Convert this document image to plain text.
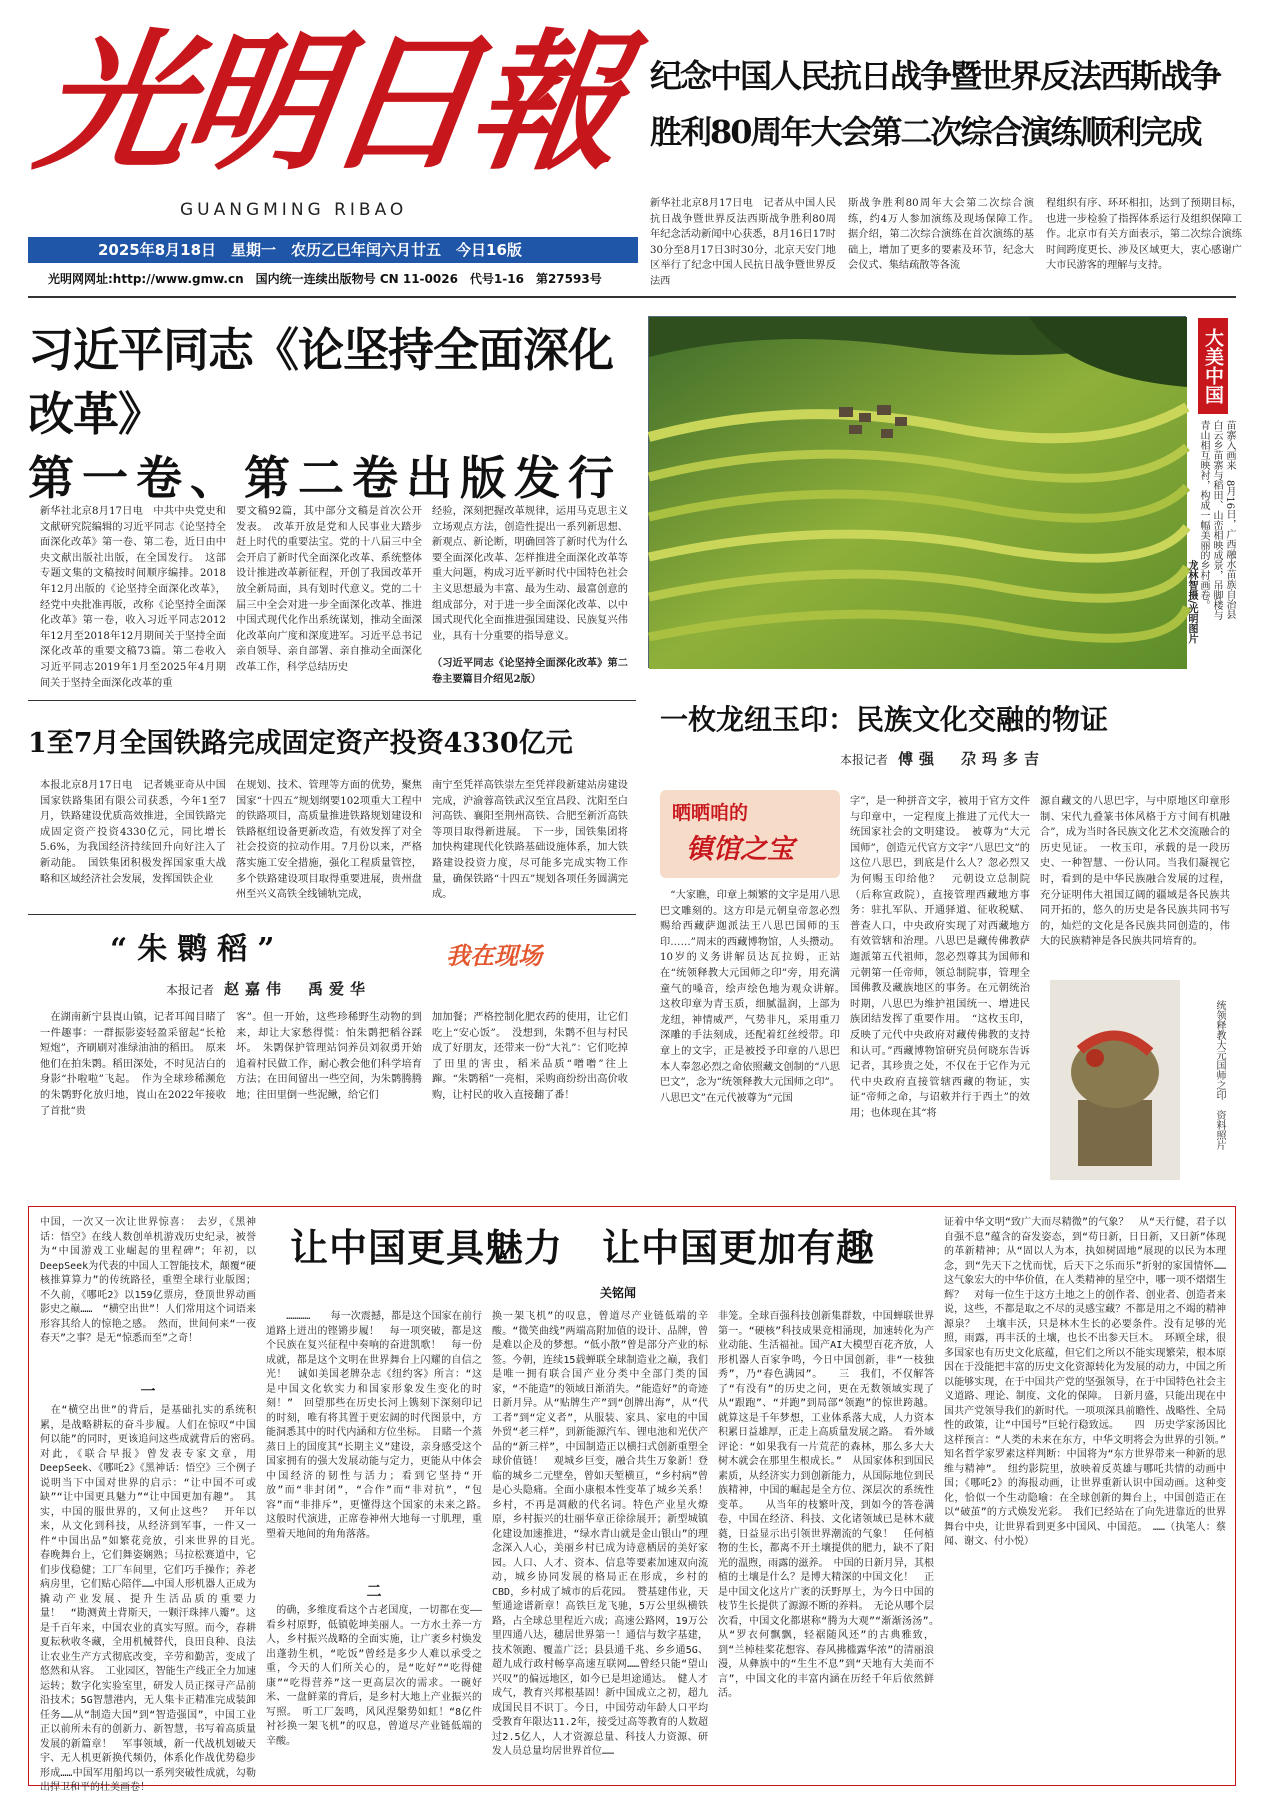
光明日報
GUANGMING RIBAO
2025年8月18日　星期一　农历乙巳年闰六月廿五　今日16版
光明网网址:http://www.gmw.cn　国内统一连续出版物号 CN 11-0026　代号1-16　第27593号
纪念中国人民抗日战争暨世界反法西斯战争
胜利80周年大会第二次综合演练顺利完成
新华社北京8月17日电　记者从中国人民抗日战争暨世界反法西斯战争胜利80周年纪念活动新闻中心获悉，8月16日17时30分至8月17日3时30分，北京天安门地区举行了纪念中国人民抗日战争暨世界反法西
斯战争胜利80周年大会第二次综合演练，约4万人参加演练及现场保障工作。　据介绍，第二次综合演练在首次演练的基础上，增加了更多的要素及环节，纪念大会仪式、集结疏散等各流
程组织有序、环环相扣，达到了预期目标，也进一步检验了指挥体系运行及组织保障工作。北京市有关方面表示，第二次综合演练时间跨度更长、涉及区域更大，衷心感谢广大市民游客的理解与支持。
习近平同志《论坚持全面深化改革》
第一卷、第二卷出版发行
新华社北京8月17日电　中共中央党史和文献研究院编辑的习近平同志《论坚持全面深化改革》第一卷、第二卷，近日由中央文献出版社出版，在全国发行。　这部专题文集的文稿按时间顺序编排。2018年12月出版的《论坚持全面深化改革》，经党中央批准再版，改称《论坚持全面深化改革》第一卷，收入习近平同志2012年12月至2018年12月期间关于坚持全面深化改革的重要文稿73篇。第二卷收入习近平同志2019年1月至2025年4月期间关于坚持全面深化改革的重
要文稿92篇，其中部分文稿是首次公开发表。　改革开放是党和人民事业大踏步赶上时代的重要法宝。党的十八届三中全会开启了新时代全面深化改革、系统整体设计推进改革新征程，开创了我国改革开放全新局面，具有划时代意义。党的二十届三中全会对进一步全面深化改革、推进中国式现代化作出系统谋划，推动全面深化改革向广度和深度进军。习近平总书记亲自领导、亲自部署、亲自推动全面深化改革工作，科学总结历史
经验，深刻把握改革规律，运用马克思主义立场观点方法，创造性提出一系列新思想、新观点、新论断，明确回答了新时代为什么要全面深化改革、怎样推进全面深化改革等重大问题，构成习近平新时代中国特色社会主义思想最为丰富、最为生动、最富创意的组成部分，对于进一步全面深化改革、以中国式现代化全面推进强国建设、民族复兴伟业，具有十分重要的指导意义。
（习近平同志《论坚持全面深化改革》第二卷主要篇目介绍见2版）
大美中国
苗寨入画来　8月16日，广西融水苗族自治县白云乡苗寨与稻田、山峦相映成景，吊脚楼与青山相互映衬，构成一幅美丽的乡村画卷。
龙林智摄/光明图片
1至7月全国铁路完成固定资产投资4330亿元
本报北京8月17日电　记者姚亚奇从中国国家铁路集团有限公司获悉，今年1至7月，铁路建设优质高效推进，全国铁路完成固定资产投资4330亿元，同比增长5.6%，为我国经济持续回升向好注入了新动能。　国铁集团积极发挥国家重大战略和区域经济社会发展，发挥国铁企业
在规划、技术、管理等方面的优势，聚焦国家“十四五”规划纲要102项重大工程中的铁路项目，高质量推进铁路规划建设和铁路枢纽设备更新改造，有效发挥了对全社会投资的拉动作用。7月份以来，严格落实施工安全措施，强化工程质量管控，多个铁路建设项目取得重要进展，贵州盘州至兴义高铁全线铺轨完成，
南宁至凭祥高铁崇左至凭祥段新建站房建设完成，沪渝蓉高铁武汉至宜昌段、沈阳至白河高铁、襄阳至荆州高铁、合肥至新沂高铁等项目取得新进展。　下一步，国铁集团将加快构建现代化铁路基础设施体系，加大铁路建设投资力度，尽可能多完成实物工作量，确保铁路“十四五”规划各项任务圆满完成。
“朱鹮稻”
本报记者 赵嘉伟　禹爱华
我在现场
　在湖南新宁县崀山镇，记者耳闻目睹了一件趣事：一群振影姿轻盈采留起“长枪短炮”，齐刷刷对准绿油油的稻田。　原来他们在拍朱鹮。稻田深处，不时见洁白的身影“扑啦啦”飞起。　作为全球珍稀濒危的朱鹮野化放归地，崀山在2022年接收了首批“贵
客”。但一开始，这些珍稀野生动物的到来，却让大家愁得慌：怕朱鹮把稻谷踩坏。　朱鹮保护管理站饲养员刘叙勇开始追着村民做工作，耐心教会他们科学培育方法；在田间留出一些空间，为朱鹮腾腾地；往田里倒一些泥鳅，给它们
加加餐；严格控制化肥农药的使用，让它们吃上“安心饭”。　没想到，朱鹮不但与村民成了好朋友，还带来一份“大礼”：它们吃掉了田里的害虫，稻米品质“噌噌”往上蹿。“朱鹮稻”一亮相，采购商纷纷出高价收购，让村民的收入直接翻了番！
一枚龙纽玉印：民族文化交融的物证
本报记者 傅强　尕玛多吉
晒晒咱的
镇馆之宝
　“大家瞧，印章上频繁的文字是用八思巴文雕刻的。这方印是元朝皇帝忽必烈赐给西藏萨迦派法王八思巴国师的玉印……”周末的西藏博物馆，人头攒动。10岁的义务讲解员达瓦拉姆，正站在“统领释教大元国师之印”旁，用充满童气的嗓音，绘声绘色地为观众讲解。　这枚印章为青玉质，细腻温润，上部为龙纽，神情威严，气势非凡，采用重刀深雕的手法刻成，还配着红丝绶带。印章上的文字，正是被授予印章的八思巴本人奉忽必烈之命依照藏文创制的“八思巴文”，念为“统领释教大元国师之印”。八思巴文”在元代被尊为“元国
字”，是一种拼音文字，被用于官方文件与印章中，一定程度上推进了元代大一统国家社会的文明建设。　被尊为“大元国师”，创造元代官方文字“八思巴文”的这位八思巴，到底是什么人？忽必烈又为何赐玉印给他？　元朝设立总制院（后称宣政院），直接管理西藏地方事务：驻扎军队、开通驿道、征收税赋、普查人口，中央政府实现了对西藏地方有效管辖和治理。八思巴是藏传佛教萨迦派第五代祖师，忽必烈尊其为国师和元朝第一任帝师，领总制院事，管理全国佛教及藏族地区的事务。在元朝统治时期，八思巴为维护祖国统一、增进民族团结发挥了重要作用。　“这枚玉印，反映了元代中央政府对藏传佛教的支持和认可。”西藏博物馆研究员何晓东告诉记者，其珍贵之处，不仅在于它作为元代中央政府直接管辖西藏的物证，实证“帝师之命，与诏敕并行于西土”的效用；也体现在其“将
源自藏文的八思巴字，与中原地区印章形制、宋代九叠篆书体风格于方寸间有机融合”，成为当时各民族文化艺术交流融合的历史见证。　一枚玉印，承载的是一段历史、一种智慧、一份认同。当我们凝视它时，看到的是中华民族融合发展的过程，充分证明伟大祖国辽阔的疆域是各民族共同开拓的，悠久的历史是各民族共同书写的，灿烂的文化是各民族共同创造的，伟大的民族精神是各民族共同培育的。
统领释教大元国师之印　资料照片
让中国更具魅力　让中国更加有趣
关铭闻
中国，一次又一次让世界惊喜：　去岁，《黑神话：悟空》在线人数创单机游戏历史纪录，被誉为“中国游戏工业崛起的里程碑”；年初，以DeepSeek为代表的中国人工智能技术，颠覆“硬核推算算力”的传统路径，重塑全球行业版图；不久前，《哪吒2》以159亿票房，登顶世界动画影史之巅……　“横空出世”！人们常用这个词语来形容其给人的惊艳之感。　然而，世间何来“一夜春天”之事？是无“惊悉而至”之奇！
一
　在“横空出世”的背后，是基础扎实的系统积累，是战略耕耘的奋斗步履。人们在惊叹“中国何以能”的同时，更该追问这些成就背后的密码。　对此，《联合早报》曾发表专家文章，用DeepSeek、《哪吒2》《黑神话：悟空》三个例子说明当下中国对世界的启示：“让中国不可或缺”“让中国更具魅力”“让中国更加有趣”。　其实，中国的服世界的，又何止这些？　开年以来，从文化到科技，从经济到军事，一件又一件“中国出品”如繁花竞放，引来世界的目光。　春晚舞台上，它们舞姿娴熟；马拉松赛道中，它们步伐稳健；工厂车间里，它们巧手操作；养老病房里，它们贴心陪伴……中国人形机器人正成为撬动产业发展、提升生活品质的重要力量！　“勘测黄土背斯天，一颗汗珠摔八瓣”。这是千百年来，中国农业的真实写照。而今，春耕夏耘秋收冬藏，全用机械替代，良田良种、良法让农业生产方式彻底改变，辛劳和勤苦，变成了悠然和从容。　工业园区，智能生产线正全力加速运转；数字化实验室里，研发人员正探寻产品前沿技术；5G智慧港内，无人集卡正精准完成装卸任务……从“制造大国”到“智造强国”，中国工业正以前所未有的创新力、新智慧，书写着高质量发展的新篇章！　军事领域，新一代战机划破天宇、无人机更新换代频仍，体系化作战优势稳步形成……中国军用船坞以一系列突破性成就，勾勒出捍卫和平的壮美画卷！
　　…………　　每一次震撼，都是这个国家在前行道路上迸出的铿锵步履！　每一项突破，都是这个民族在复兴征程中奏响的奋进凯歌！　每一份成就，都是这个文明在世界舞台上闪耀的自信之光！　诚如美国老牌杂志《纽约客》所言：“这是中国文化软实力和国家形象发生变化的时刻！”　回望那些在历史长河上镌刻下深刻印记的时刻，唯有将其置于更宏阔的时代图景中，方能洞悉其中的时代内涵和方位坐标。　目睹一个蒸蒸日上的国度其“长期主义”建设，亲身感受这个国家拥有的强大发展动能与定力，更能从中体会中国经济的韧性与活力；看到它坚持“开放”而“非封闭”，“合作”而“非对抗”，“包容”而“非排斥”，更懂得这个国家的未来之路。　这般时代演进，正席卷神州大地每一寸肌理，重塑着天地间的角角落落。
二
　的确，多维度看这个古老国度，一切都在变——　看乡村原野，低镇乾坤美丽人。一方水土养一方人，乡村振兴战略的全面实施，让广袤乡村焕发出蓬勃生机，“吃饭”曾经是多少人难以承受之重，今天的人们所关心的，是“吃好”“吃得健康”“吃得营养”这一更高层次的需求。一碗好米、一盘鲜菜的背后，是乡村大地上产业振兴的写照。　听工厂轰鸣，风风涅槃势如虹！“8亿件衬衫换一架飞机”的叹息，曾道尽产业链低端的辛酸。
换一架飞机”的叹息，曾道尽产业链低端的辛酸。“微笑曲线”两端高附加值的设计、品牌，曾是难以企及的梦想。“低小散”曾是部分产业的标签。今朝，连续15载蝉联全球制造业之巅，我们是唯一拥有联合国产业分类中全部门类的国家，“不能造”的领域日渐消失。“能造好”的奇迹日新月异。从“贴牌生产”到“创牌出海”，从“代工者”到“定义者”，从服装、家具、家电的中国外贸“老三样”，到新能源汽车、锂电池和光伏产品的“新三样”，中国制造正以横扫式创新重塑全球价值链！　观城乡巨变，融合共生万象新！登临的城乡二元壁垒，曾如天堑横亘，“乡村病”曾是心头隐痛。全面小康根本性变革了城乡关系！乡村，不再是凋敝的代名词。特色产业星火燎原，乡村振兴的壮丽华章正徐徐展开；新型城镇化建设加速推进，“绿水青山就是金山银山”的理念深入人心，美丽乡村已成为诗意栖居的美好家园。人口、人才、资本、信息等要素加速双向流动，城乡协同发展的格局正在形成，乡村的CBD，乡村成了城市的后花园。　赞基建伟业，天堑通途谱新章！高铁巨龙飞驰，5万公里纵横铁路，占全球总里程近六成；高速公路网，19万公里四通八达，穗居世界第一！通信与数字基建，技术领跑、覆盖广泛；县县通千兆、乡乡通5G、超九成行政村畅享高速互联网……曾经只能“望山兴叹”的偏远地区，如今已是坦途通达。　健人才成气，教育兴邦根基固！新中国成立之初，超九成国民目不识丁。今日，中国劳动年龄人口平均受教育年限达11.2年，接受过高等教育的人数超过2.5亿人，人才资源总量、科技人力资源、研发人员总量均居世界首位……
非笼。全球百强科技创新集群数，中国蝉联世界第一。“硬核”科技成果竞相涌现，加速转化为产业动能、生活福祉。国产AI大模型百花齐放，人形机器人百家争鸣，今日中国创新，非“一枝独秀”，乃“春色满园”。　　三　我们，不仅解答了“有没有”的历史之问，更在无数领域实现了从“跟跑”、“并跑”到局部“领跑”的惊世跨越。就算这是千年梦想，工业体系落大成，人力资本积累日益雄厚，正走上高质量发展之路。　看外域评论：“如果我有一片荒茫的森林，那么多大大树木就会在那里生根成长。”　从国家体积到国民素质，从经济实力到创新能力，从国际地位到民族精神，中国的崛起是全方位、深层次的系统性变革。　　从当年的枝繁叶茂，到如今的答卷满卷，中国在经济、科技、文化诸领域已是林木葳蕤，日益显示出引领世界潮流的气象！　任何植物的生长，都离不开土壤提供的肥力，缺不了阳光的温煦，雨露的滋养。　中国的日新月异，其根植的土壤是什么？是博大精深的中国文化！　正是中国文化这片广袤的沃野厚土，为今日中国的枝节生长提供了源源不断的养料。　无论从哪个层次看，中国文化都堪称“腾为大观”“渐渐汤汤”。　从“罗衣何飘飘，轻裾随风还”的古典雅致，到“兰棹桂桨花想容、春风拂槛露华浓”的清丽浪漫，从彝族中的“生生不息”到“天地有大美而不言”，中国文化的丰富内涵在历经千年后依然鲜活。
证着中华文明“致广大而尽精微”的气象？　从“天行健，君子以自强不息”蕴含的奋发姿态，到“苟日新，日日新，又日新”体现的革新精神；从“固以人为本，执如树固地”展现的以民为本理念，到“先天下之忧而忧，后天下之乐而乐”折射的家国情怀……这气象宏大的中华价值，在人类精神的星空中，哪一项不熠熠生辉？　对每一位生于这方土地之上的创作者、创业者、创造者来说，这些，不都是取之不尽的灵感宝藏？不都是用之不竭的精神源泉？　土壤丰沃，只是林木生长的必要条件。没有足够的光照，雨露，再丰沃的土壤，也长不出参天巨木。　环顾全球，很多国家也有历史文化底蕴，但它们之所以不能实现繁荣，根本原因在于没能把丰富的历史文化资源转化为发展的动力，中国之所以能够实现，在于中国共产党的坚强领导，在于中国特色社会主义道路、理论、制度、文化的保障。　日新月盛，只能出现在中国共产党领导我们的新时代。一项项深具前瞻性、战略性、全局性的政策，让“中国号”巨轮行稳致远。　　四　历史学家汤因比这样预言：“人类的未来在东方，中华文明将会为世界的引领。”　知名哲学家罗素这样判断：中国将为“东方世界带来一种新的思维与精神”。　纽约影院里，放映着反英雄与哪吒共情的动画中国；《哪吒2》的海报动画，让世界重新认识中国动画。这种变化，恰似一个生动隐喻：在全球创新的舞台上，中国创造正在以“破茧”的方式焕发光彩。　我们已经站在了向先进靠近的世界舞台中央，让世界看到更多中国风、中国范。　……（执笔人：蔡闻、谢文、付小悦）
